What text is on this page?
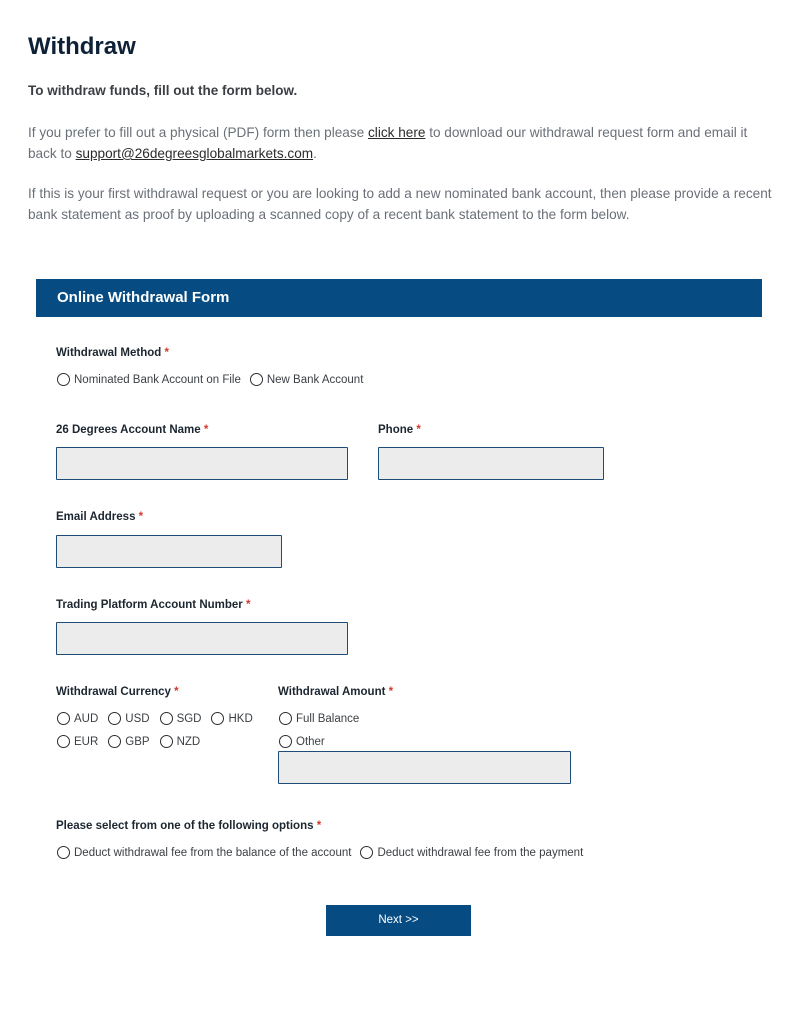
Withdraw
To withdraw funds, fill out the form below.
If you prefer to fill out a physical (PDF) form then please click here to download our withdrawal request form and email it back to support@26degreesglobalmarkets.com.
If this is your first withdrawal request or you are looking to add a new nominated bank account, then please provide a recent bank statement as proof by uploading a scanned copy of a recent bank statement to the form below.
Online Withdrawal Form
Withdrawal Method *
Nominated Bank Account on File New Bank Account
26 Degrees Account Name *	Phone *
Email Address *
Trading Platform Account Number *
Withdrawal Currency *
AUD USD SGD HKD
EUR GBP NZD
Withdrawal Amount *
Full Balance
Other
Please select from one of the following options *
Deduct withdrawal fee from the balance of the account Deduct withdrawal fee from the payment
Next >>
